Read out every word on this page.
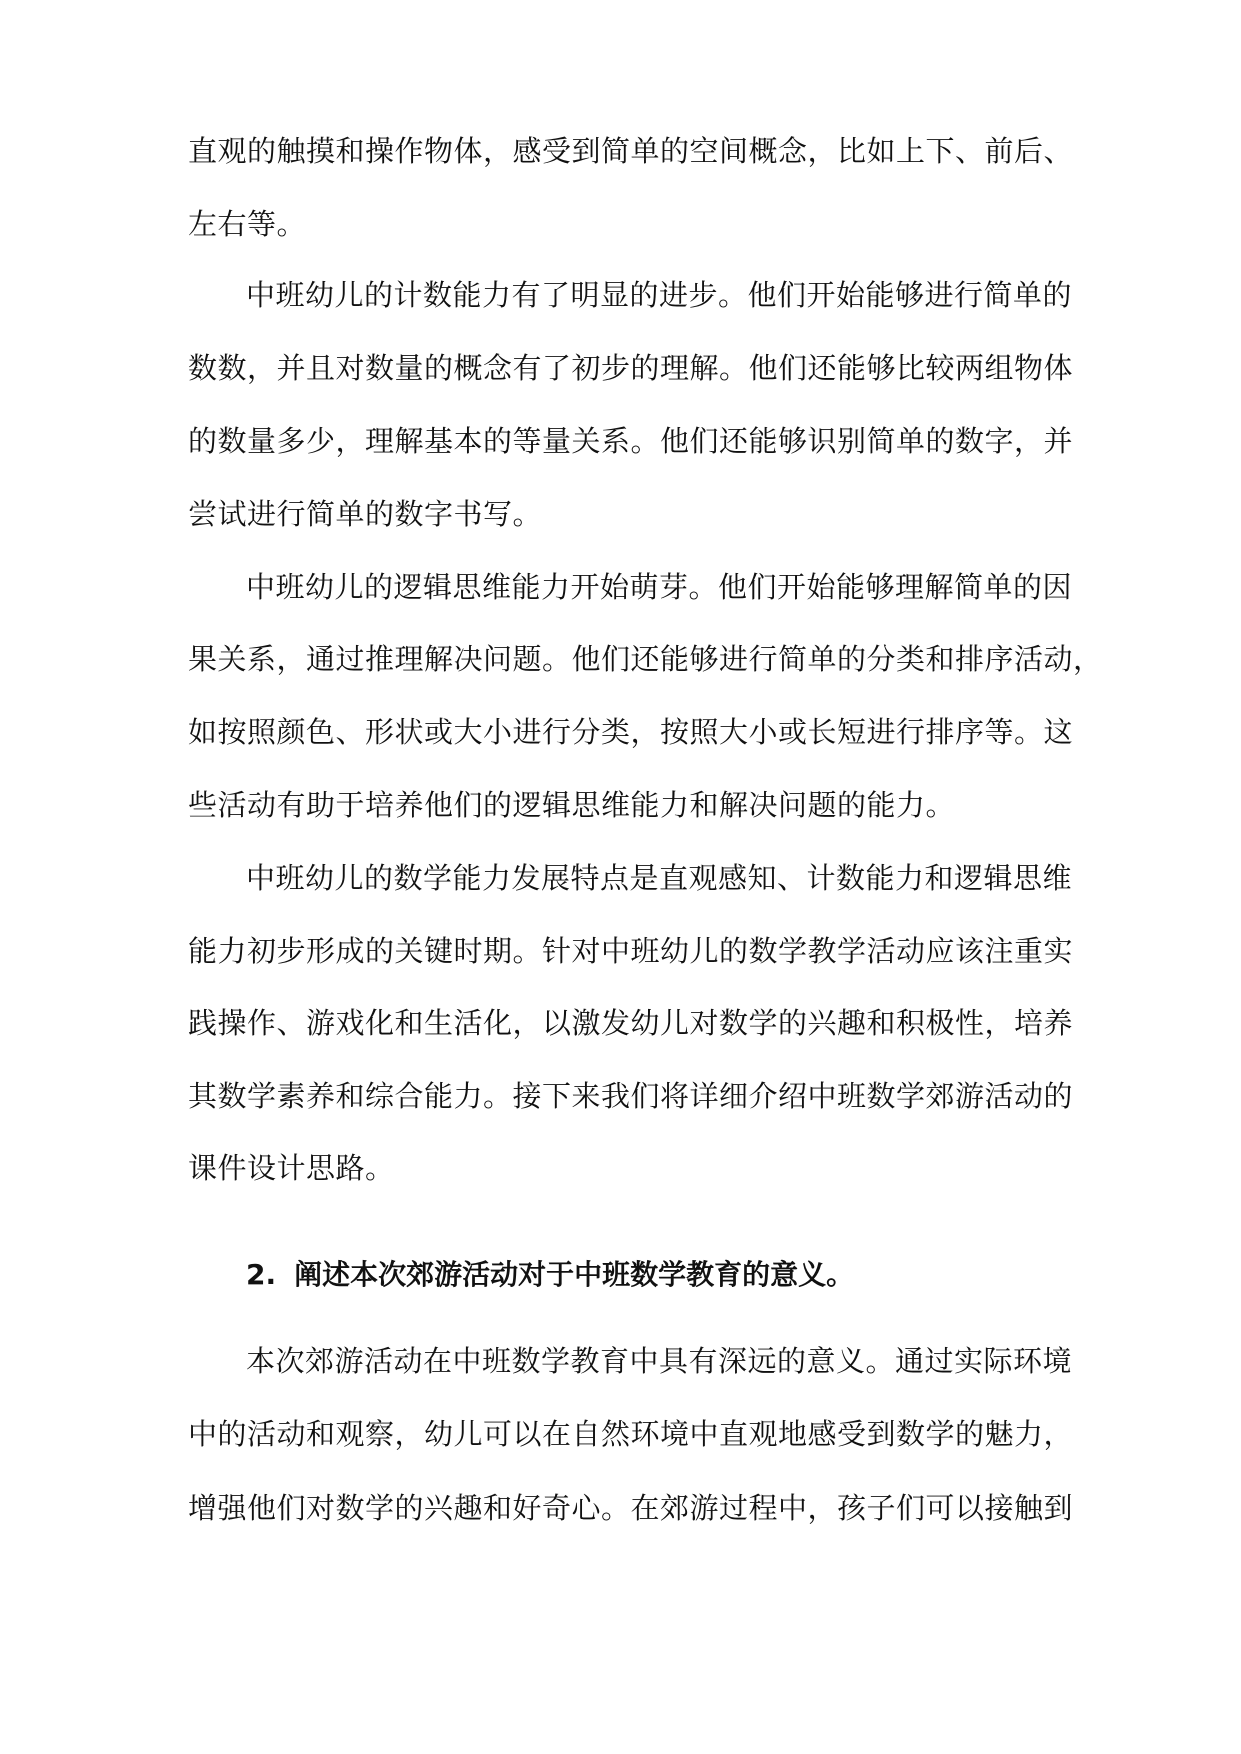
直观的触摸和操作物体，感受到简单的空间概念，比如上下、前后、
左右等。
中班幼儿的计数能力有了明显的进步。他们开始能够进行简单的
数数，并且对数量的概念有了初步的理解。他们还能够比较两组物体
的数量多少，理解基本的等量关系。他们还能够识别简单的数字，并
尝试进行简单的数字书写。
中班幼儿的逻辑思维能力开始萌芽。他们开始能够理解简单的因
果关系，通过推理解决问题。他们还能够进行简单的分类和排序活动，
如按照颜色、形状或大小进行分类，按照大小或长短进行排序等。这
些活动有助于培养他们的逻辑思维能力和解决问题的能力。
中班幼儿的数学能力发展特点是直观感知、计数能力和逻辑思维
能力初步形成的关键时期。针对中班幼儿的数学教学活动应该注重实
践操作、游戏化和生活化，以激发幼儿对数学的兴趣和积极性，培养
其数学素养和综合能力。接下来我们将详细介绍中班数学郊游活动的
课件设计思路。
2. 阐述本次郊游活动对于中班数学教育的意义。
本次郊游活动在中班数学教育中具有深远的意义。通过实际环境
中的活动和观察，幼儿可以在自然环境中直观地感受到数学的魅力，
增强他们对数学的兴趣和好奇心。在郊游过程中，孩子们可以接触到
